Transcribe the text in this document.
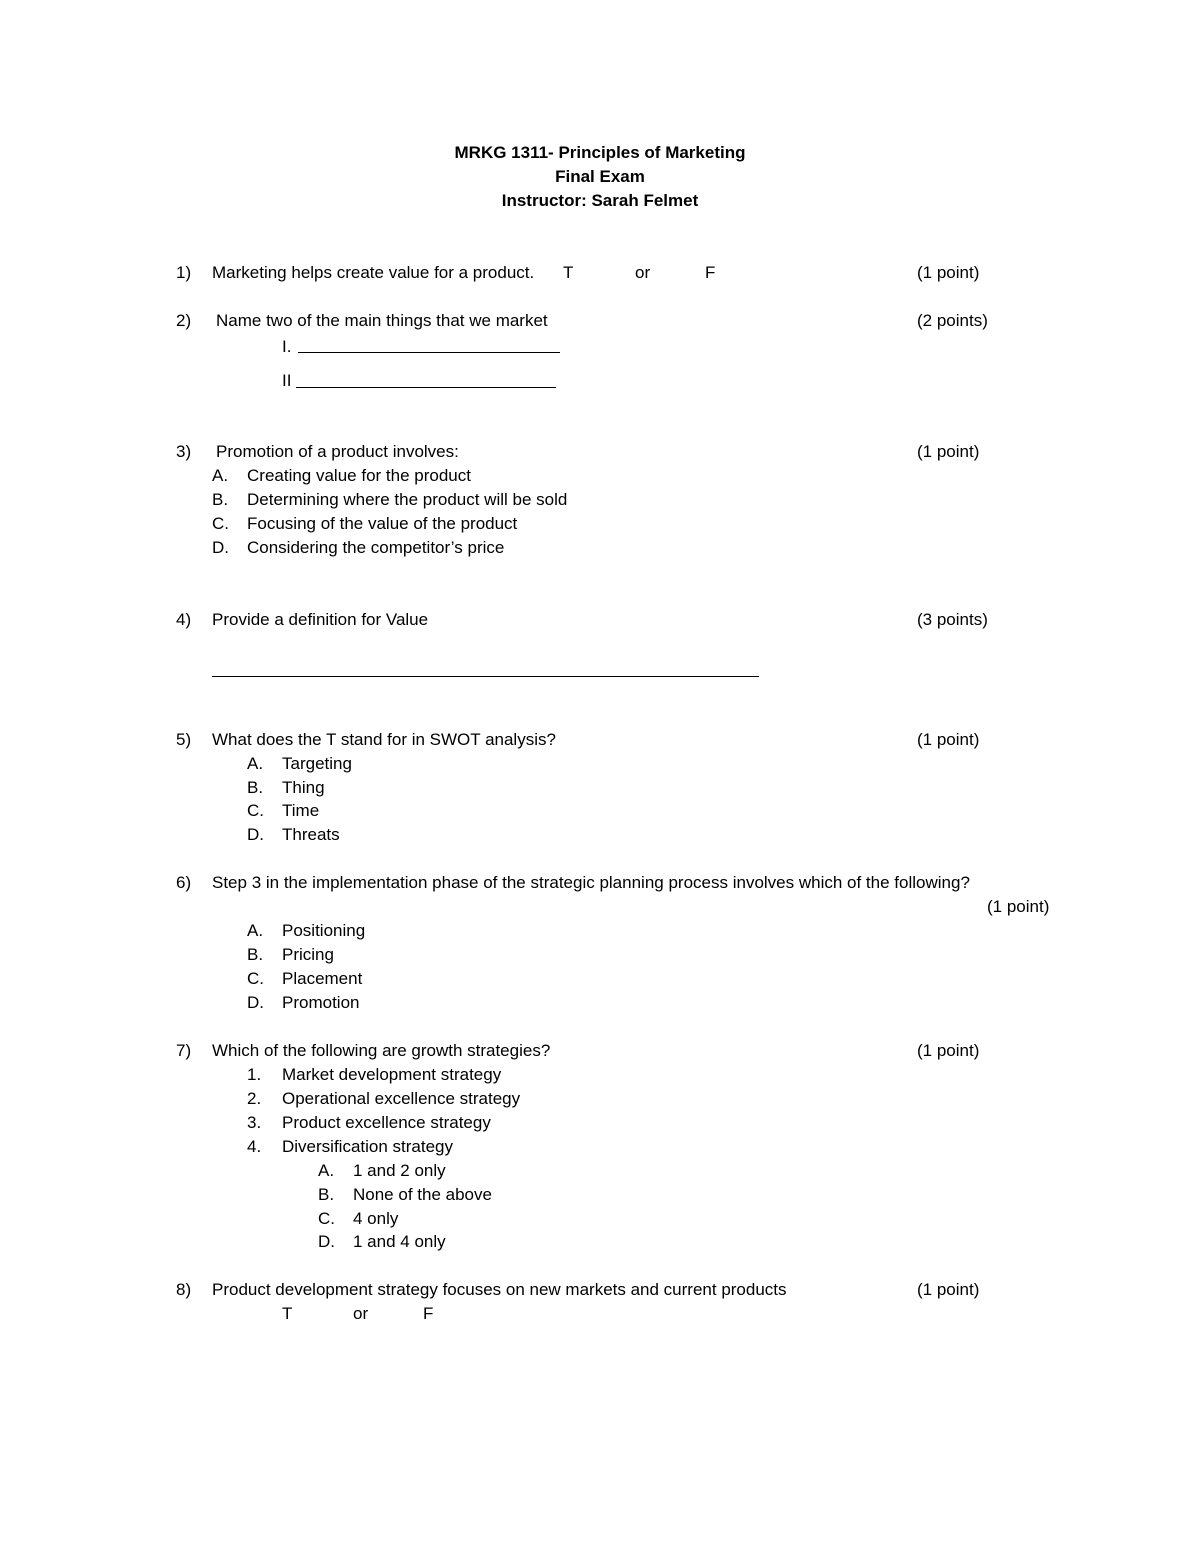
MRKG 1311- Principles of Marketing
Final Exam
Instructor: Sarah Felmet
1) Marketing helps create value for a product. T	or	F	(1 point)
2) Name two of the main things that we market	(2 points)
I.
II
3) Promotion of a product involves:	(1 point)
A. Creating value for the product
B. Determining where the product will be sold
C. Focusing of the value of the product
D. Considering the competitor’s price
4) Provide a definition for Value	(3 points)
5) What does the T stand for in SWOT analysis?	(1 point)
A. Targeting
B. Thing
C. Time
D. Threats
6) Step 3 in the implementation phase of the strategic planning process involves which of the following?
(1 point)
A. Positioning
B. Pricing
C. Placement
D. Promotion
7) Which of the following are growth strategies?	(1 point)
1. Market development strategy
2. Operational excellence strategy
3. Product excellence strategy
4. Diversification strategy
A. 1 and 2 only
B. None of the above
C. 4 only
D. 1 and 4 only
8) Product development strategy focuses on new markets and current products	(1 point)
T	or	F
